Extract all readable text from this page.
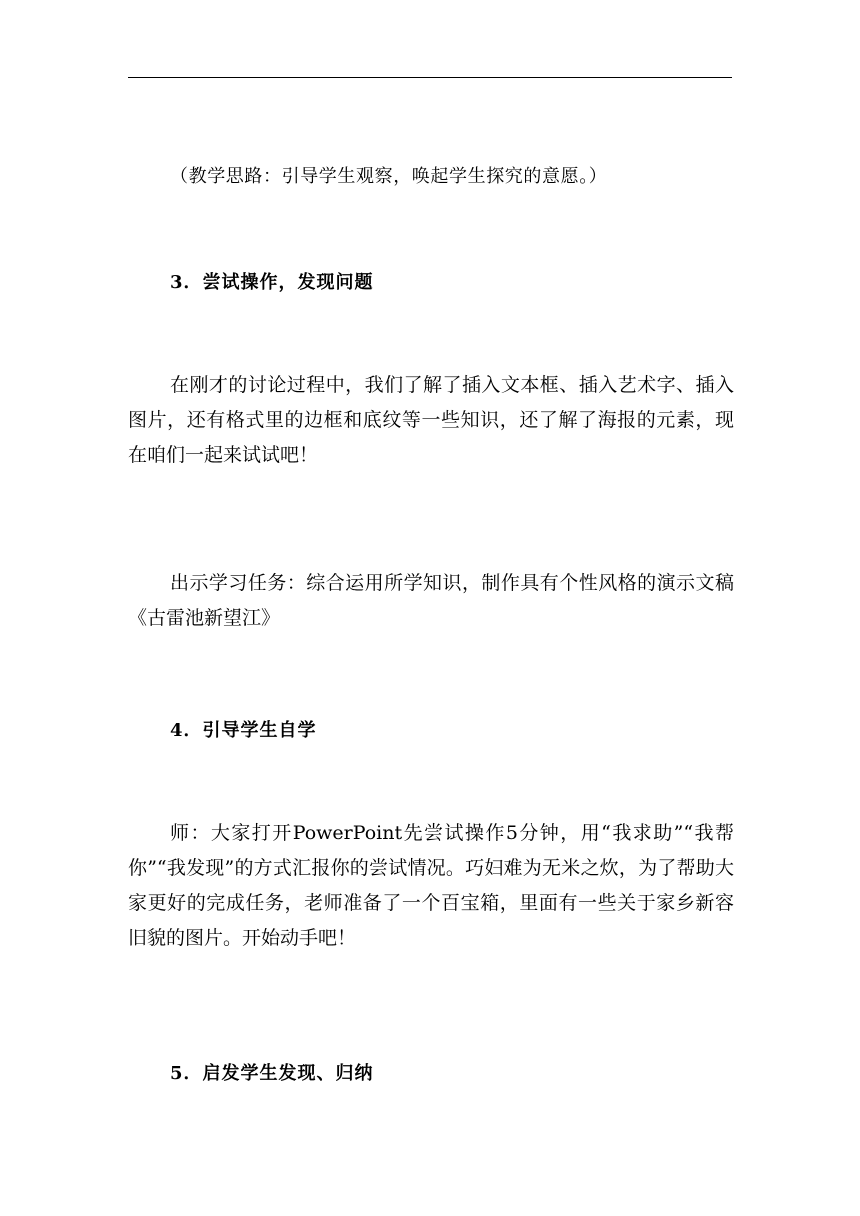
（教学思路：引导学生观察，唤起学生探究的意愿。）
3．尝试操作，发现问题

在刚才的讨论过程中，我们了解了插入文本框、插入艺术字、插入图片，还有格式里的边框和底纹等一些知识，还了解了海报的元素，现在咱们一起来试试吧！

出示学习任务：综合运用所学知识，制作具有个性风格的演示文稿《古雷池新望江》

4．引导学生自学

师：大家打开PowerPoint先尝试操作5分钟，用“我求助”“我帮你”“我发现”的方式汇报你的尝试情况。巧妇难为无米之炊，为了帮助大家更好的完成任务，老师准备了一个百宝箱，里面有一些关于家乡新容旧貌的图片。开始动手吧！

5．启发学生发现、归纳
